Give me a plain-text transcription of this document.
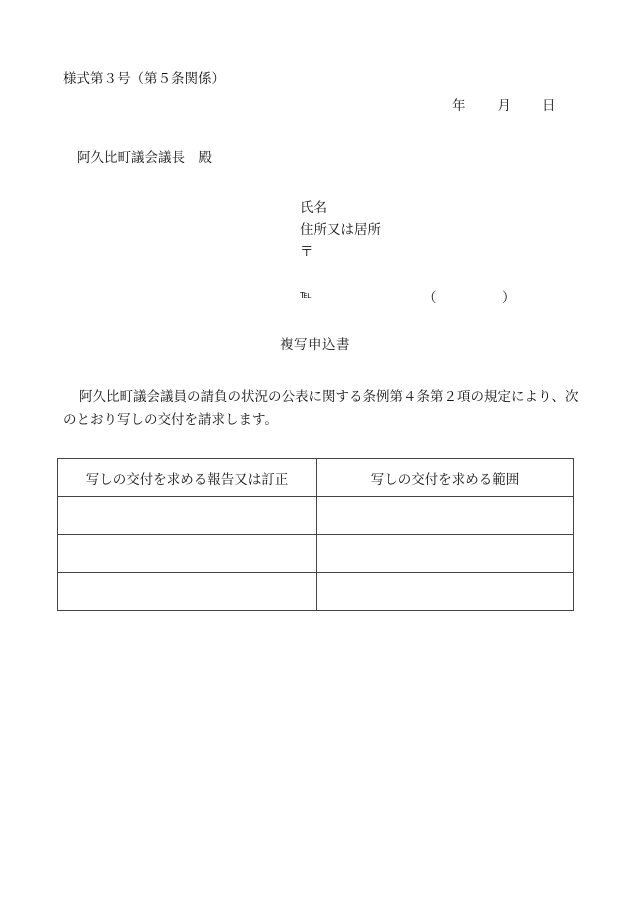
様式第３号（第５条関係）
年 月 日
阿久比町議会議長　殿
氏名
住所又は居所
〒
℡	（	）
複写申込書
阿久比町議会議員の請負の状況の公表に関する条例第４条第２項の規定により、次のとおり写しの交付を請求します。
写しの交付を求める報告又は訂正	写しの交付を求める範囲
